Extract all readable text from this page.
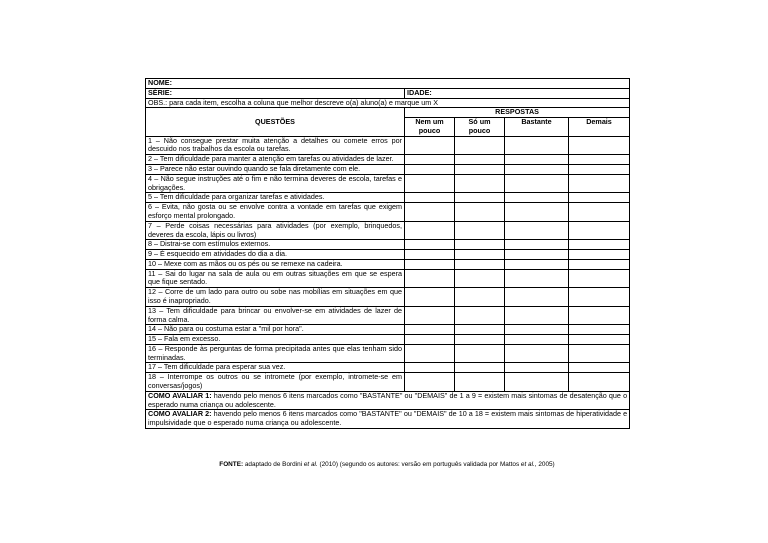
NOME:				
SÉRIE:	IDADE:			
OBS.: para cada item, escolha a coluna que melhor descreve o(a) aluno(a) e marque um X				
QUESTÕES	RESPOSTAS			
	Nem um pouco	Só um pouco	Bastante	Demais
1 – Não consegue prestar muita atenção a detalhes ou comete erros por descuido nos trabalhos da escola ou tarefas.				
2 – Tem dificuldade para manter a atenção em tarefas ou atividades de lazer.				
3 – Parece não estar ouvindo quando se fala diretamente com ele.				
4 – Não segue instruções até o fim e não termina deveres de escola, tarefas e obrigações.				
5 – Tem dificuldade para organizar tarefas e atividades.				
6 – Evita, não gosta ou se envolve contra a vontade em tarefas que exigem esforço mental prolongado.				
7 – Perde coisas necessárias para atividades (por exemplo, brinquedos, deveres da escola, lápis ou livros)				
8 – Distrai-se com estímulos externos.				
9 – É esquecido em atividades do dia a dia.				
10 – Mexe com as mãos ou os pés ou se remexe na cadeira.				
11 – Sai do lugar na sala de aula ou em outras situações em que se espera que fique sentado.				
12 – Corre de um lado para outro ou sobe nas mobílias em situações em que isso é inapropriado.				
13 – Tem dificuldade para brincar ou envolver-se em atividades de lazer de forma calma.				
14 – Não para ou costuma estar a "mil por hora".				
15 – Fala em excesso.				
16 – Responde às perguntas de forma precipitada antes que elas tenham sido terminadas.				
17 – Tem dificuldade para esperar sua vez.				
18 – Interrompe os outros ou se intromete (por exemplo, intromete-se em conversas/jogos)				
COMO AVALIAR 1: havendo pelo menos 6 itens marcados como "BASTANTE" ou "DEMAIS" de 1 a 9 = existem mais sintomas de desatenção que o esperado numa criança ou adolescente.				
COMO AVALIAR 2: havendo pelo menos 6 itens marcados como "BASTANTE" ou "DEMAIS" de 10 a 18 = existem mais sintomas de hiperatividade e impulsividade que o esperado numa criança ou adolescente.				
FONTE: adaptado de Bordini et al. (2010) (segundo os autores: versão em português validada por Mattos et al., 2005)
